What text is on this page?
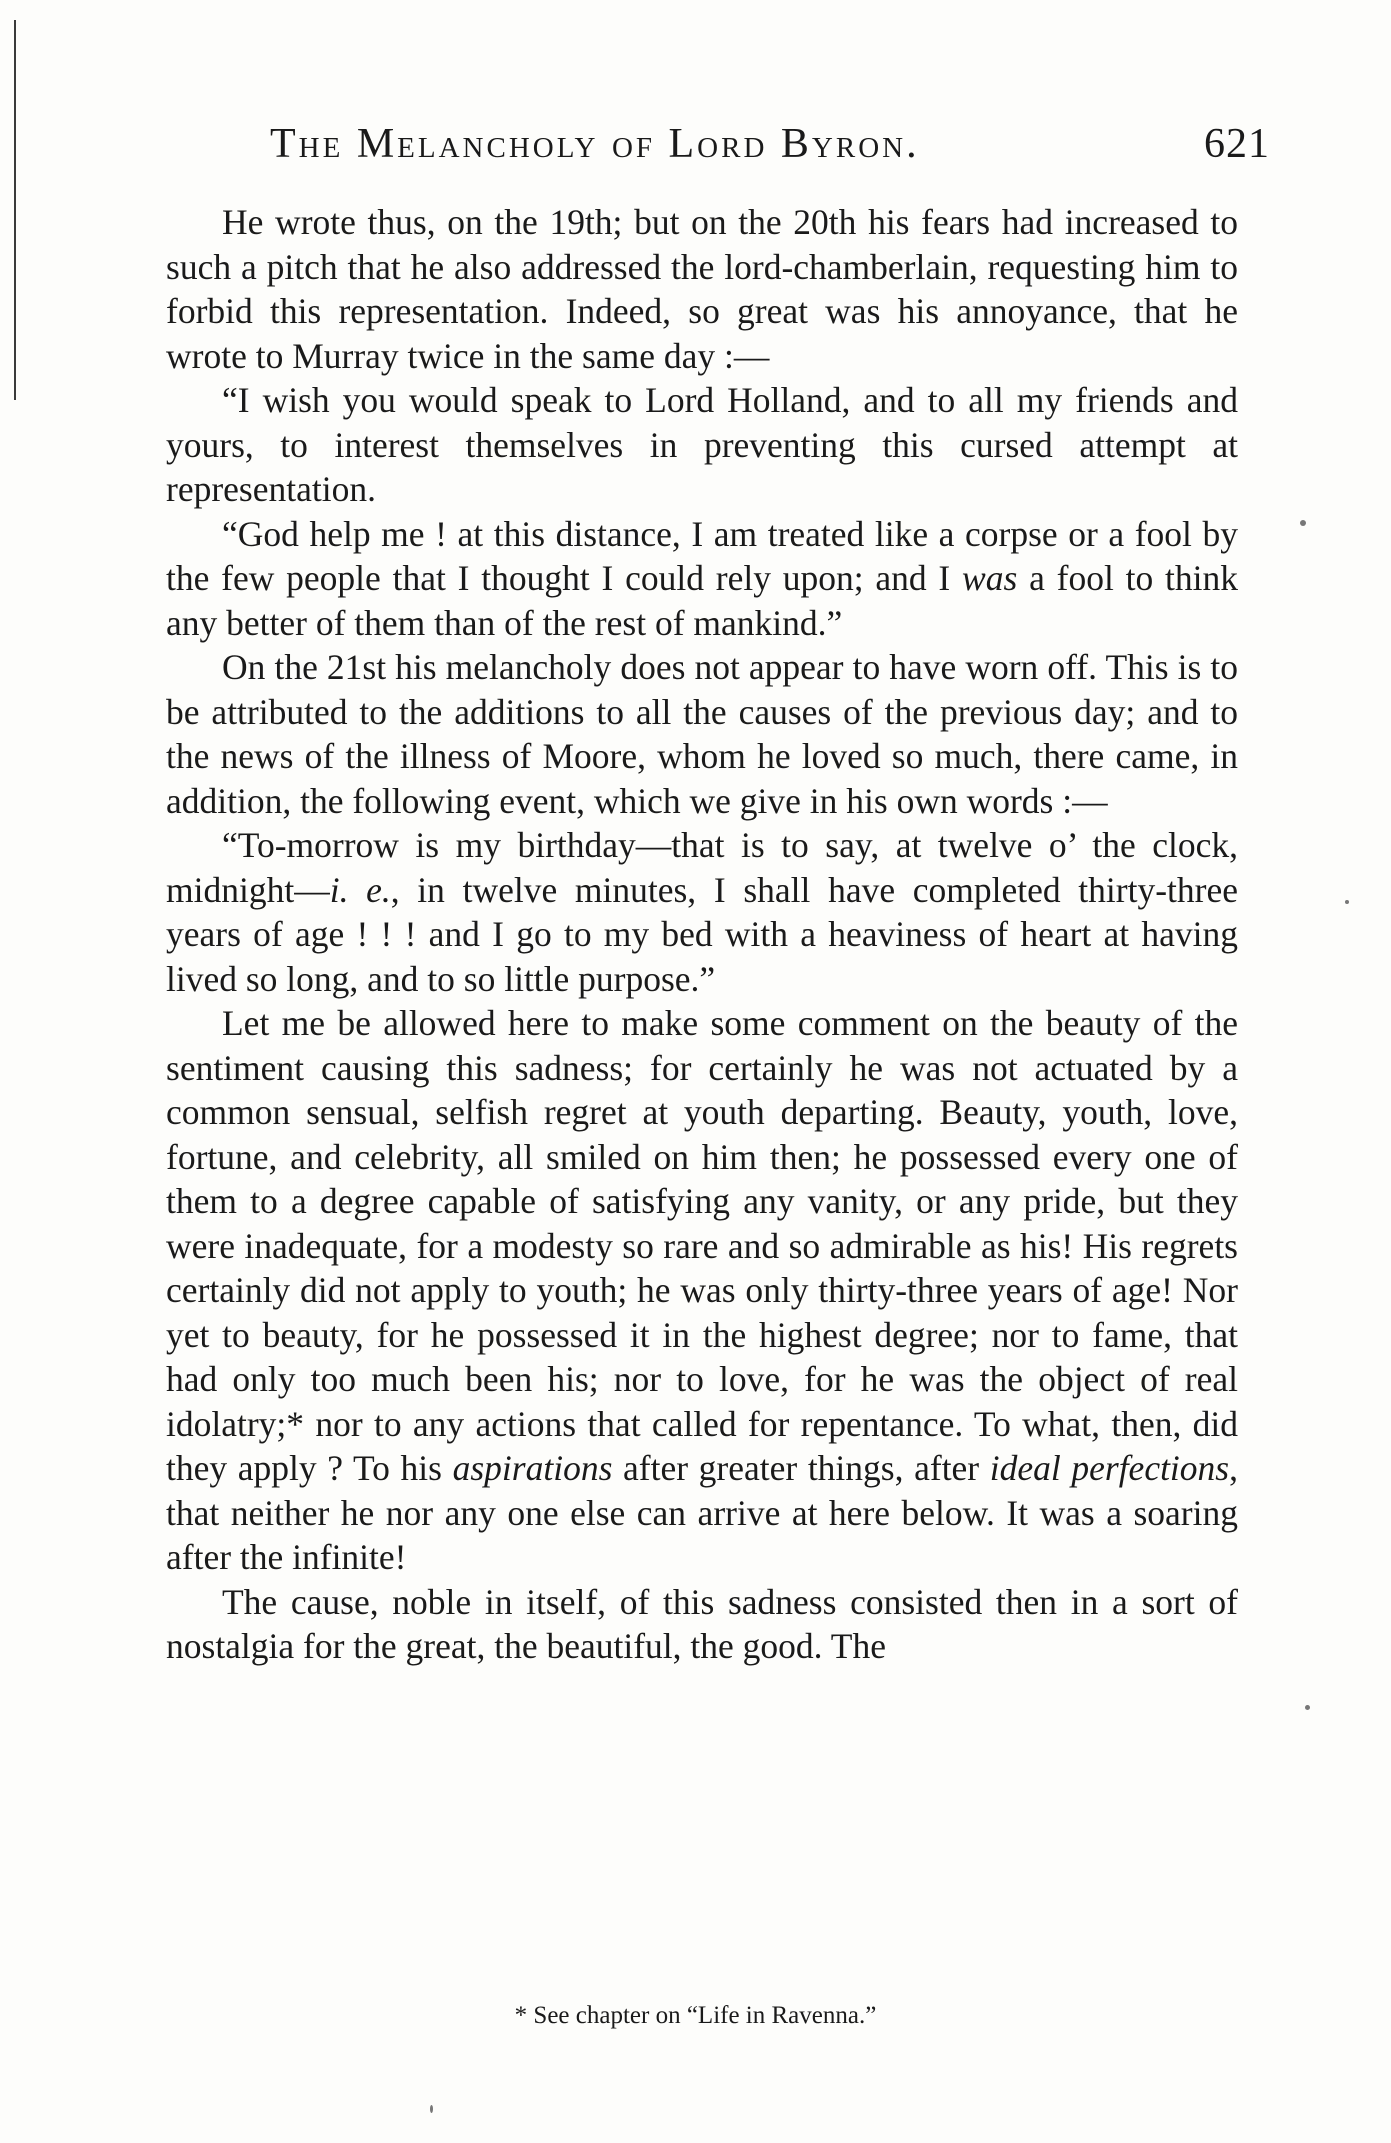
The Melancholy of Lord Byron.	621

He wrote thus, on the 19th; but on the 20th his fears had increased to such a pitch that he also addressed the lord-chamberlain, requesting him to forbid this representation. Indeed, so great was his annoyance, that he wrote to Murray twice in the same day :—

“I wish you would speak to Lord Holland, and to all my friends and yours, to interest themselves in preventing this cursed attempt at representation.

“God help me ! at this distance, I am treated like a corpse or a fool by the few people that I thought I could rely upon; and I was a fool to think any better of them than of the rest of mankind.”

On the 21st his melancholy does not appear to have worn off. This is to be attributed to the additions to all the causes of the previous day; and to the news of the illness of Moore, whom he loved so much, there came, in addition, the following event, which we give in his own words :—

“To-morrow is my birthday—that is to say, at twelve o’ the clock, midnight—i. e., in twelve minutes, I shall have completed thirty-three years of age ! ! ! and I go to my bed with a heaviness of heart at having lived so long, and to so little purpose.”

Let me be allowed here to make some comment on the beauty of the sentiment causing this sadness; for certainly he was not actuated by a common sensual, selfish regret at youth departing. Beauty, youth, love, fortune, and celebrity, all smiled on him then; he possessed every one of them to a degree capable of satisfying any vanity, or any pride, but they were inadequate, for a modesty so rare and so admirable as his! His regrets certainly did not apply to youth; he was only thirty-three years of age! Nor yet to beauty, for he possessed it in the highest degree; nor to fame, that had only too much been his; nor to love, for he was the object of real idolatry;* nor to any actions that called for repentance. To what, then, did they apply ? To his aspirations after greater things, after ideal perfections, that neither he nor any one else can arrive at here below. It was a soaring after the infinite!

The cause, noble in itself, of this sadness consisted then in a sort of nostalgia for the great, the beautiful, the good. The

* See chapter on “Life in Ravenna.”
